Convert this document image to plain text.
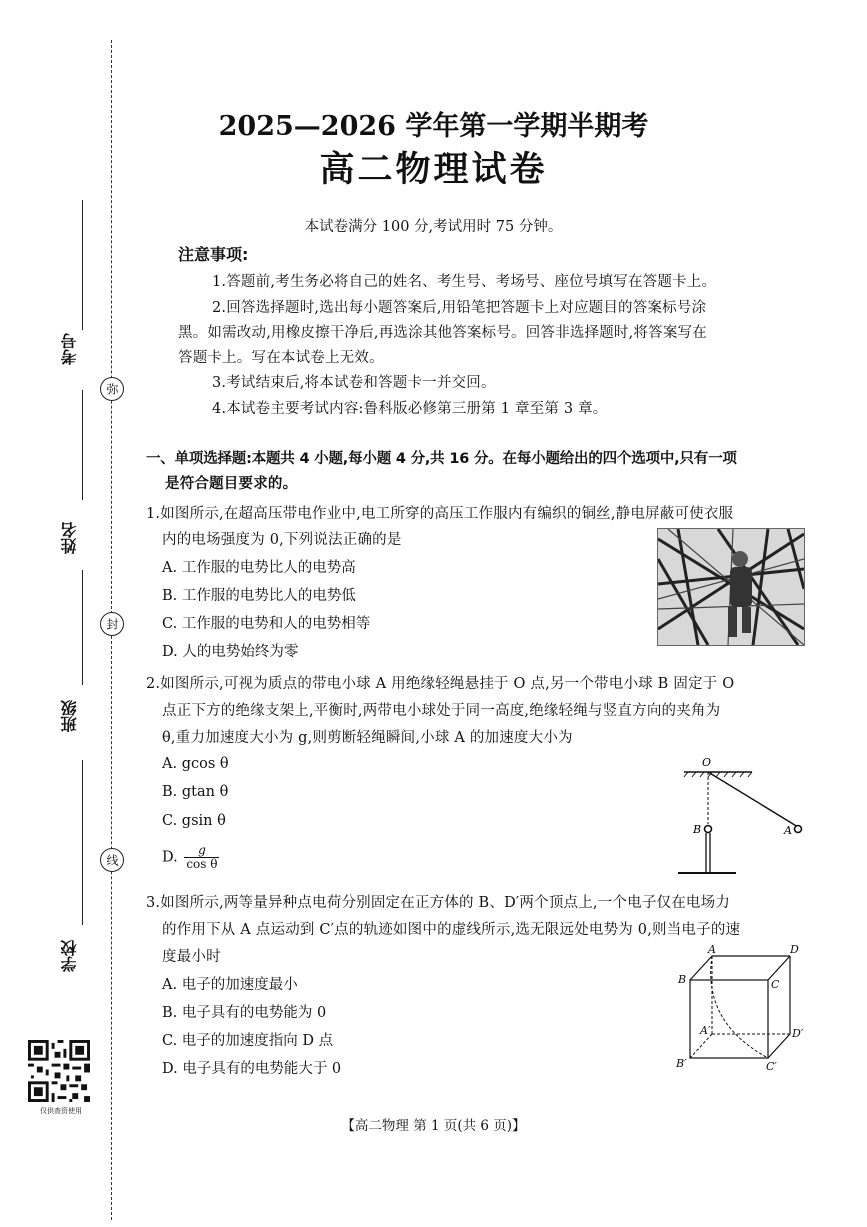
弥
封
线
考号
姓名
班级
学校
仅供查资使用
2025—2026 学年第一学期半期考
高二物理试卷
本试卷满分 100 分,考试用时 75 分钟。
注意事项:
1.答题前,考生务必将自己的姓名、考生号、考场号、座位号填写在答题卡上。
2.回答选择题时,选出每小题答案后,用铅笔把答题卡上对应题目的答案标号涂
黑。如需改动,用橡皮擦干净后,再选涂其他答案标号。回答非选择题时,将答案写在
答题卡上。写在本试卷上无效。
3.考试结束后,将本试卷和答题卡一并交回。
4.本试卷主要考试内容:鲁科版必修第三册第 1 章至第 3 章。
一、单项选择题:本题共 4 小题,每小题 4 分,共 16 分。在每小题给出的四个选项中,只有一项
是符合题目要求的。
1.如图所示,在超高压带电作业中,电工所穿的高压工作服内有编织的铜丝,静电屏蔽可使衣服
内的电场强度为 0,下列说法正确的是
A. 工作服的电势比人的电势高
B. 工作服的电势比人的电势低
C. 工作服的电势和人的电势相等
D. 人的电势始终为零
2.如图所示,可视为质点的带电小球 A 用绝缘轻绳悬挂于 O 点,另一个带电小球 B 固定于 O
点正下方的绝缘支架上,平衡时,两带电小球处于同一高度,绝缘轻绳与竖直方向的夹角为
θ,重力加速度大小为 g,则剪断轻绳瞬间,小球 A 的加速度大小为
A. gcos θ
B. gtan θ
C. gsin θ
D. $\frac{g}{\text{cos θ}}$
O
A
B
3.如图所示,两等量异种点电荷分别固定在正方体的 B、D′两个顶点上,一个电子仅在电场力
的作用下从 A 点运动到 C′点的轨迹如图中的虚线所示,选无限远处电势为 0,则当电子的速
度最小时
A. 电子的加速度最小
B. 电子具有的电势能为 0
C. 电子的加速度指向 D 点
D. 电子具有的电势能大于 0
A
B	C
D
A′
B′	C′
D′
【高二物理 第 1 页(共 6 页)】
